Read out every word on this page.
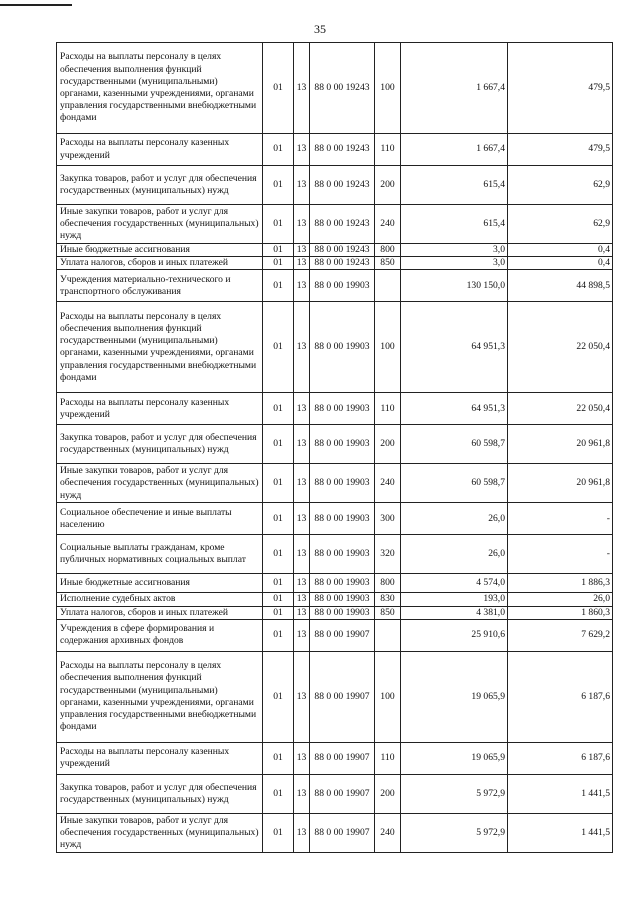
35
Расходы на выплаты персоналу в целях обеспечения выполнения функций государственными (муниципальными) органами, казенными учреждениями, органами управления государственными внебюджетными фондами	01	13	88 0 00 19243	100	1 667,4	479,5
Расходы на выплаты персоналу казенных учреждений	01	13	88 0 00 19243	110	1 667,4	479,5
Закупка товаров, работ и услуг для обеспечения государственных (муниципальных) нужд	01	13	88 0 00 19243	200	615,4	62,9
Иные закупки товаров, работ и услуг для обеспечения государственных (муниципальных) нужд	01	13	88 0 00 19243	240	615,4	62,9
Иные бюджетные ассигнования	01	13	88 0 00 19243	800	3,0	0,4
Уплата налогов, сборов и иных платежей	01	13	88 0 00 19243	850	3,0	0,4
Учреждения материально-технического и транспортного обслуживания	01	13	88 0 00 19903		130 150,0	44 898,5
Расходы на выплаты персоналу в целях обеспечения выполнения функций государственными (муниципальными) органами, казенными учреждениями, органами управления государственными внебюджетными фондами	01	13	88 0 00 19903	100	64 951,3	22 050,4
Расходы на выплаты персоналу казенных учреждений	01	13	88 0 00 19903	110	64 951,3	22 050,4
Закупка товаров, работ и услуг для обеспечения государственных (муниципальных) нужд	01	13	88 0 00 19903	200	60 598,7	20 961,8
Иные закупки товаров, работ и услуг для обеспечения государственных (муниципальных) нужд	01	13	88 0 00 19903	240	60 598,7	20 961,8
Социальное обеспечение и иные выплаты населению	01	13	88 0 00 19903	300	26,0	-
Социальные выплаты гражданам, кроме публичных нормативных социальных выплат	01	13	88 0 00 19903	320	26,0	-
Иные бюджетные ассигнования	01	13	88 0 00 19903	800	4 574,0	1 886,3
Исполнение судебных актов	01	13	88 0 00 19903	830	193,0	26,0
Уплата налогов, сборов и иных платежей	01	13	88 0 00 19903	850	4 381,0	1 860,3
Учреждения в сфере формирования и содержания архивных фондов	01	13	88 0 00 19907		25 910,6	7 629,2
Расходы на выплаты персоналу в целях обеспечения выполнения функций государственными (муниципальными) органами, казенными учреждениями, органами управления государственными внебюджетными фондами	01	13	88 0 00 19907	100	19 065,9	6 187,6
Расходы на выплаты персоналу казенных учреждений	01	13	88 0 00 19907	110	19 065,9	6 187,6
Закупка товаров, работ и услуг для обеспечения государственных (муниципальных) нужд	01	13	88 0 00 19907	200	5 972,9	1 441,5
Иные закупки товаров, работ и услуг для обеспечения государственных (муниципальных) нужд	01	13	88 0 00 19907	240	5 972,9	1 441,5
